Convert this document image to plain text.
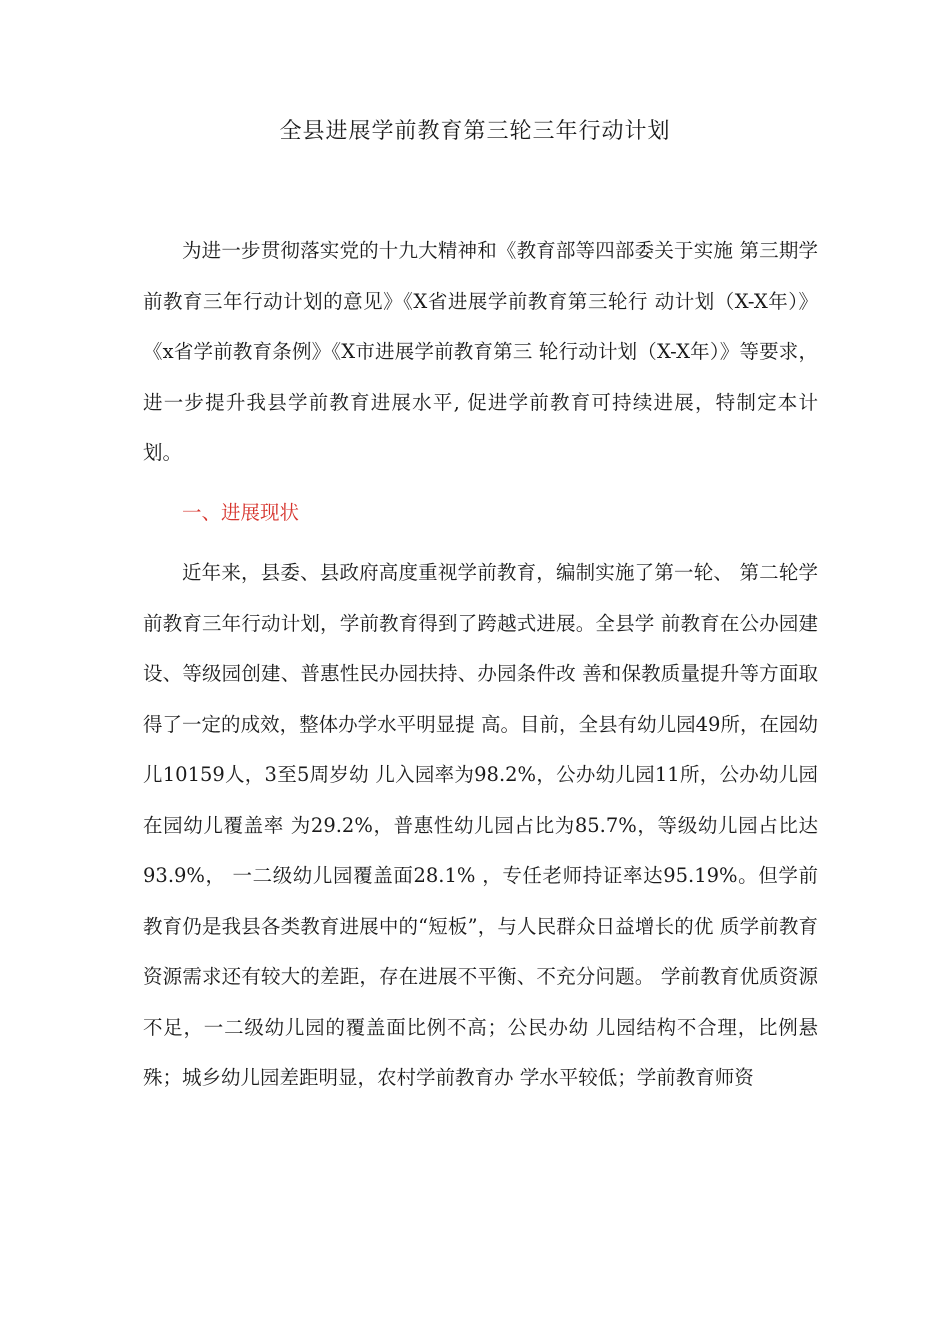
全县进展学前教育第三轮三年行动计划

为进一步贯彻落实党的十九大精神和《教育部等四部委关于实施 第三期学前教育三年行动计划的意见》《X省进展学前教育第三轮行 动计划（X-X年）》《x省学前教育条例》《X市进展学前教育第三 轮行动计划（X-X年）》等要求，进一步提升我县学前教育进展水平, 促进学前教育可持续进展，特制定本计划。

一、进展现状

近年来，县委、县政府高度重视学前教育，编制实施了第一轮、 第二轮学前教育三年行动计划，学前教育得到了跨越式进展。全县学 前教育在公办园建设、等级园创建、普惠性民办园扶持、办园条件改 善和保教质量提升等方面取得了一定的成效，整体办学水平明显提 高。目前，全县有幼儿园49所，在园幼儿10159人，3至5周岁幼 儿入园率为98.2%，公办幼儿园11所，公办幼儿园在园幼儿覆盖率 为29.2%，普惠性幼儿园占比为85.7%，等级幼儿园占比达93.9%， 一二级幼儿园覆盖面28.1% ，专任老师持证率达95.19%。但学前 教育仍是我县各类教育进展中的“短板”，与人民群众日益增长的优 质学前教育资源需求还有较大的差距，存在进展不平衡、不充分问题。 学前教育优质资源不足，一二级幼儿园的覆盖面比例不高；公民办幼 儿园结构不合理，比例悬殊；城乡幼儿园差距明显，农村学前教育办 学水平较低；学前教育师资
